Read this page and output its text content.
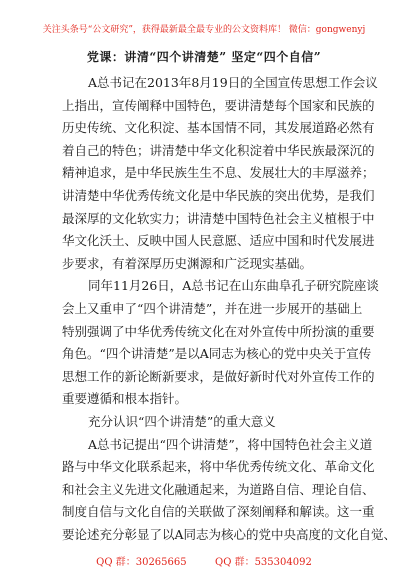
关注头条号“公文研究”，获得最新最全最专业的公文资料库！ 微信：gongwenyj
党课：讲清“四个讲清楚” 坚定“四个自信”
A总书记在2013年8月19日的全国宣传思想工作会议
上指出，宣传阐释中国特色，要讲清楚每个国家和民族的
历史传统、文化积淀、基本国情不同，其发展道路必然有
着自己的特色；讲清楚中华文化积淀着中华民族最深沉的
精神追求，是中华民族生生不息、发展壮大的丰厚滋养；
讲清楚中华优秀传统文化是中华民族的突出优势，是我们
最深厚的文化软实力；讲清楚中国特色社会主义植根于中
华文化沃土、反映中国人民意愿、适应中国和时代发展进
步要求，有着深厚历史渊源和广泛现实基础。
同年11月26日，A总书记在山东曲阜孔子研究院座谈
会上又重申了“四个讲清楚”，并在进一步展开的基础上
特别强调了中华优秀传统文化在对外宣传中所扮演的重要
角色。“四个讲清楚”是以A同志为核心的党中央关于宣传
思想工作的新论断新要求，是做好新时代对外宣传工作的
重要遵循和根本指针。
充分认识“四个讲清楚”的重大意义
A总书记提出“四个讲清楚”，将中国特色社会主义道
路与中华文化联系起来，将中华优秀传统文化、革命文化
和社会主义先进文化融通起来，为道路自信、理论自信、
制度自信与文化自信的关联做了深刻阐释和解读。这一重
要论述充分彰显了以A同志为核心的党中央高度的文化自觉、
QQ 群：30265665	QQ 群：535304092
